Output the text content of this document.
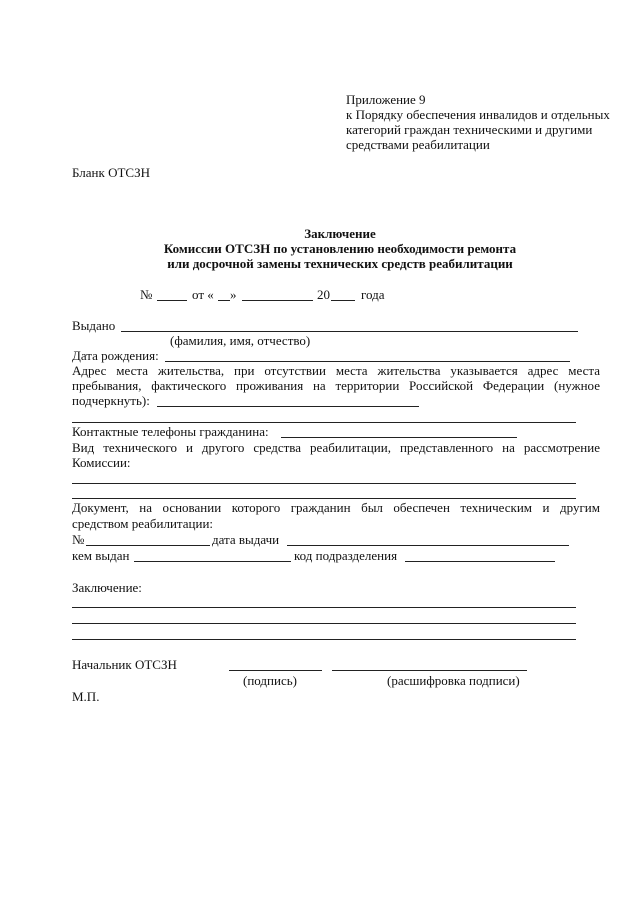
Приложение 9
к Порядку обеспечения инвалидов и отдельных
категорий граждан техническими и другими
средствами реабилитации
Бланк ОТСЗН
Заключение
Комиссии ОТСЗН по установлению необходимости ремонта
или досрочной замены технических средств реабилитации
№	от « »	20 года
Выдано
(фамилия, имя, отчество)
Дата рождения:
Адрес места жительства, при отсутствии места жительства указывается адрес места
пребывания, фактического проживания на территории Российской Федерации (нужное
подчеркнуть):
Контактные телефоны гражданина:
Вид технического и другого средства реабилитации, представленного на рассмотрение
Комиссии:
Документ, на основании которого гражданин был обеспечен техническим и другим
средством реабилитации:
№	дата выдачи
кем выдан	код подразделения
Заключение:
Начальник ОТСЗН
(подпись)	(расшифровка подписи)
М.П.
